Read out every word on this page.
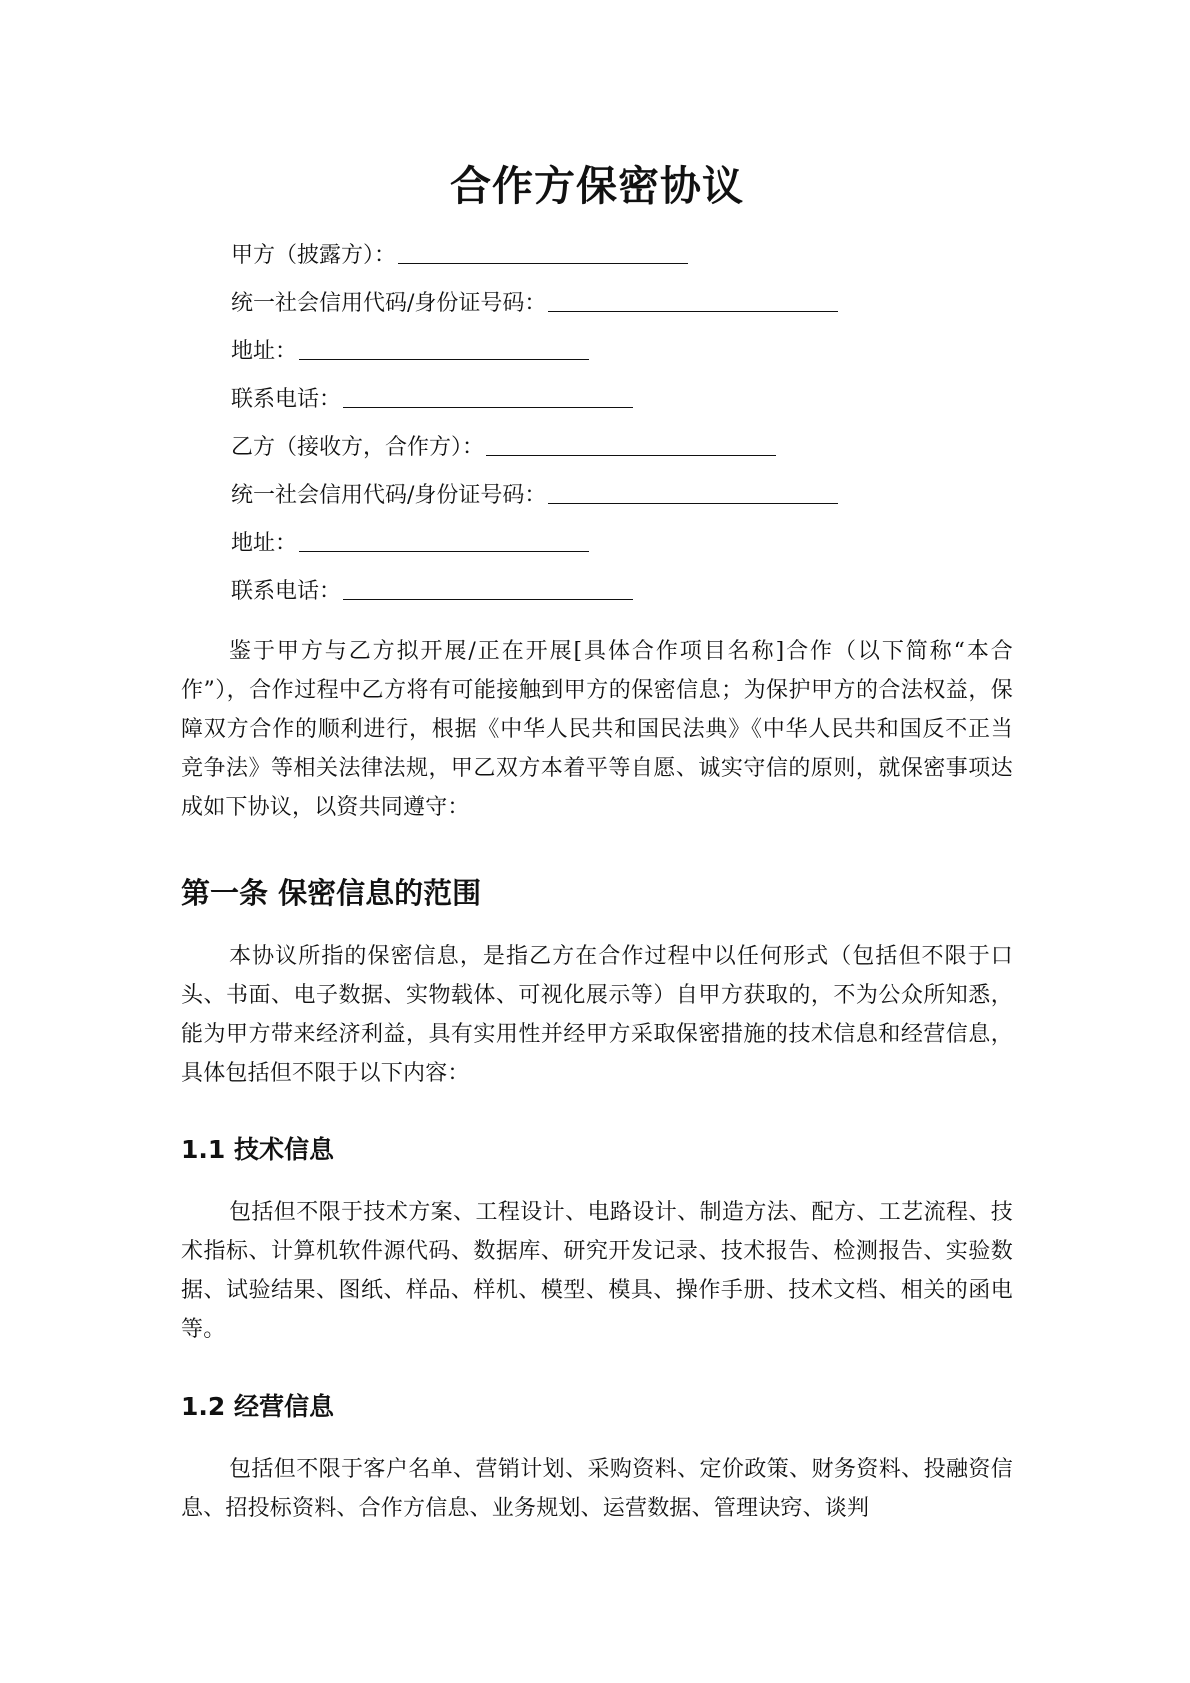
合作方保密协议
甲方（披露方）：
统一社会信用代码/身份证号码：
地址：
联系电话：
乙方（接收方，合作方）：
统一社会信用代码/身份证号码：
地址：
联系电话：

鉴于甲方与乙方拟开展/正在开展[具体合作项目名称]合作（以下简称“本合作”），合作过程中乙方将有可能接触到甲方的保密信息；为保护甲方的合法权益，保障双方合作的顺利进行，根据《中华人民共和国民法典》《中华人民共和国反不正当竞争法》等相关法律法规，甲乙双方本着平等自愿、诚实守信的原则，就保密事项达成如下协议，以资共同遵守：

第一条 保密信息的范围

本协议所指的保密信息，是指乙方在合作过程中以任何形式（包括但不限于口头、书面、电子数据、实物载体、可视化展示等）自甲方获取的，不为公众所知悉，能为甲方带来经济利益，具有实用性并经甲方采取保密措施的技术信息和经营信息，具体包括但不限于以下内容：

1.1 技术信息

包括但不限于技术方案、工程设计、电路设计、制造方法、配方、工艺流程、技术指标、计算机软件源代码、数据库、研究开发记录、技术报告、检测报告、实验数据、试验结果、图纸、样品、样机、模型、模具、操作手册、技术文档、相关的函电等。

1.2 经营信息

包括但不限于客户名单、营销计划、采购资料、定价政策、财务资料、投融资信息、招投标资料、合作方信息、业务规划、运营数据、管理诀窍、谈判
